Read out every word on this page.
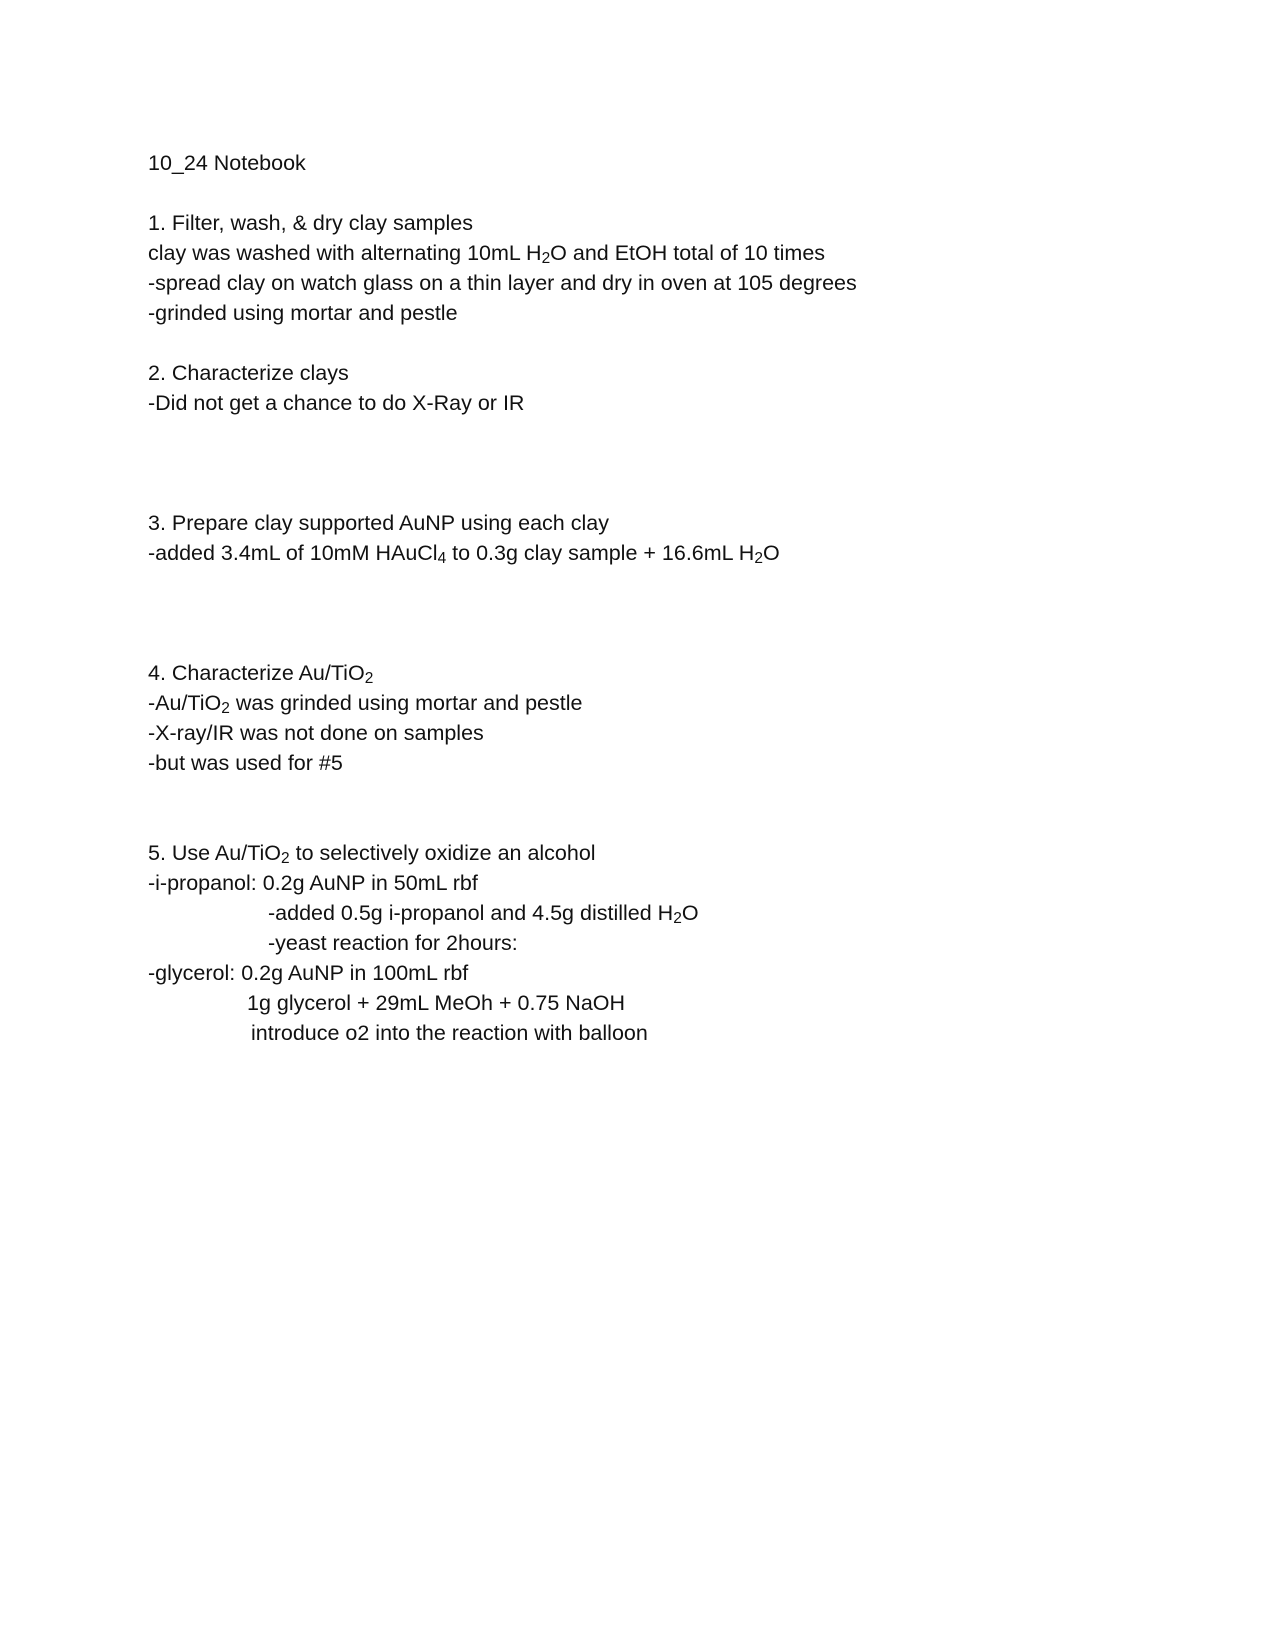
10_24 Notebook
1. Filter, wash, & dry clay samples
clay was washed with alternating 10mL H2O and EtOH total of 10 times
-spread clay on watch glass on a thin layer and dry in oven at 105 degrees
-grinded using mortar and pestle
2. Characterize clays
-Did not get a chance to do X-Ray or IR
3. Prepare clay supported AuNP using each clay
-added 3.4mL of 10mM HAuCl4 to 0.3g clay sample + 16.6mL H2O
4. Characterize Au/TiO2
-Au/TiO2 was grinded using mortar and pestle
-X-ray/IR was not done on samples
-but was used for #5
5. Use Au/TiO2 to selectively oxidize an alcohol
-i-propanol: 0.2g AuNP in 50mL rbf
-added 0.5g i-propanol and 4.5g distilled H2O
-yeast reaction for 2hours:
-glycerol: 0.2g AuNP in 100mL rbf
1g glycerol + 29mL MeOh + 0.75 NaOH
introduce o2 into the reaction with balloon
